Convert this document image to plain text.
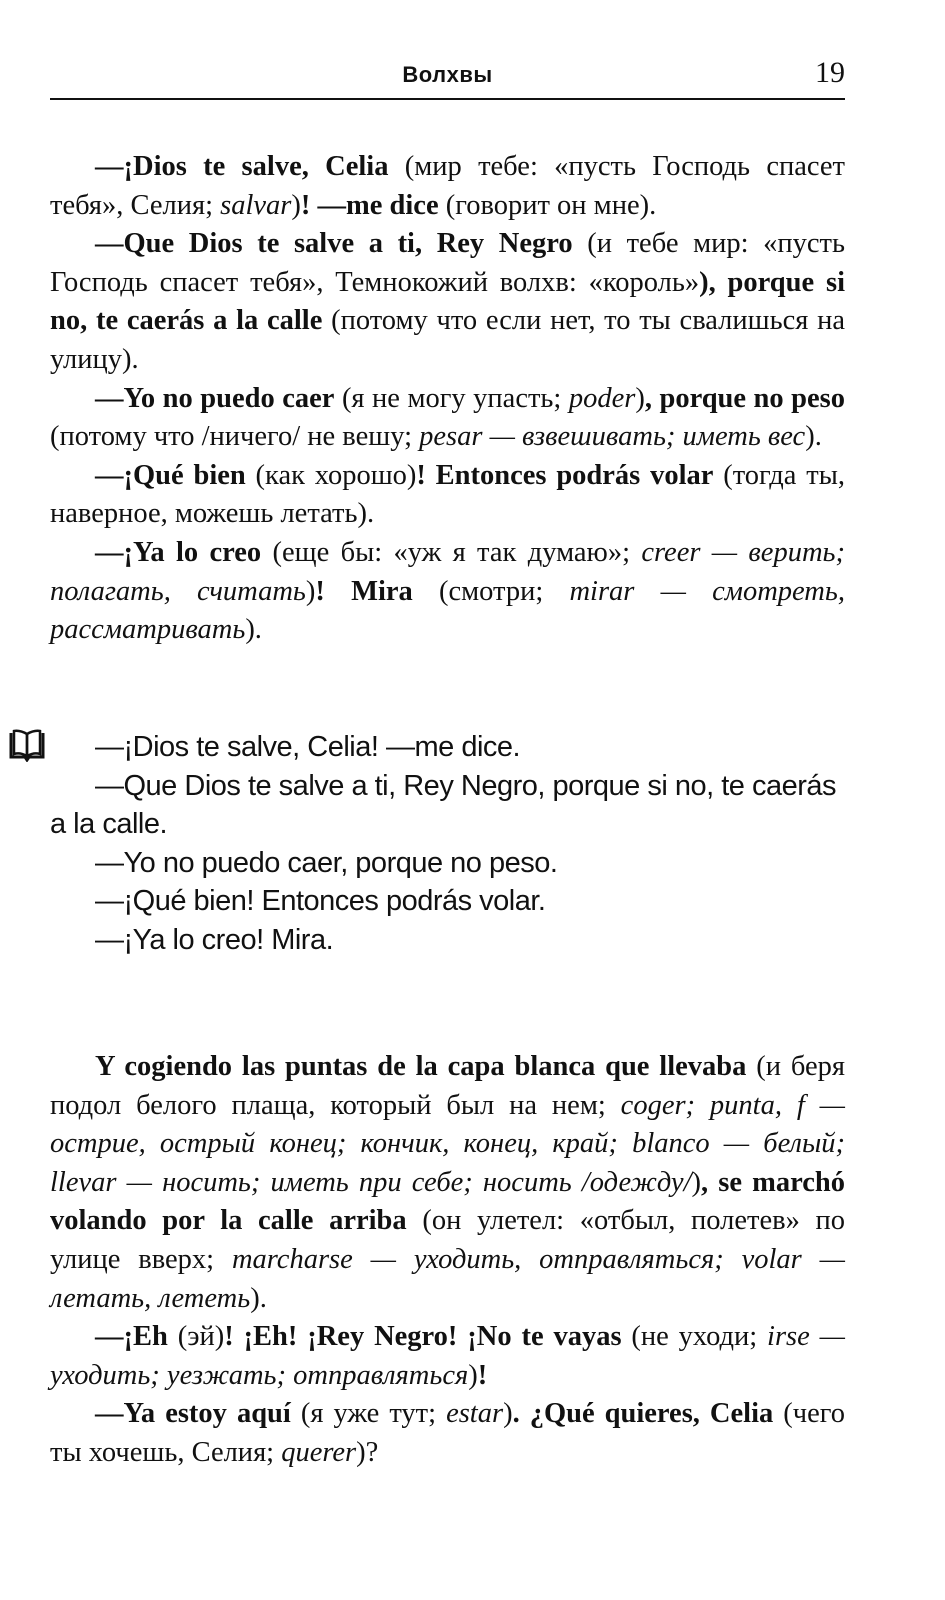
Волхвы	19

—¡Dios te salve, Celia (мир тебе: «пусть Господь спасет тебя», Селия; salvar)! —me dice (говорит он мне).

—Que Dios te salve a ti, Rey Negro (и тебе мир: «пусть Господь спасет тебя», Темнокожий волхв: «король»), porque si no, te caerás a la calle (потому что если нет, то ты свалишься на улицу).

—Yo no puedo caer (я не могу упасть; poder), porque no peso (потому что /ничего/ не вешу; pesar — взвешивать; иметь вес).

—¡Qué bien (как хорошо)! Entonces podrás volar (тогда ты, наверное, можешь летать).

—¡Ya lo creo (еще бы: «уж я так думаю»; creer — верить; полагать, считать)! Mira (смотри; mirar — смотреть, рассматривать).

—¡Dios te salve, Celia! —me dice.

—Que Dios te salve a ti, Rey Negro, porque si no, te caerás a la calle.

—Yo no puedo caer, porque no peso.

—¡Qué bien! Entonces podrás volar.

—¡Ya lo creo! Mira.

Y cogiendo las puntas de la capa blanca que llevaba (и беря подол белого плаща, который был на нем; coger; punta, f — острие, острый конец; кончик, конец, край; blanco — белый; llevar — носить; иметь при себе; носить /одежду/), se marchó volando por la calle arriba (он улетел: «отбыл, полетев» по улице вверх; marcharse — уходить, отправляться; volar — летать, лететь).

—¡Eh (эй)! ¡Eh! ¡Rey Negro! ¡No te vayas (не уходи; irse — уходить; уезжать; отправляться)!

—Ya estoy aquí (я уже тут; estar). ¿Qué quieres, Celia (чего ты хочешь, Селия; querer)?
